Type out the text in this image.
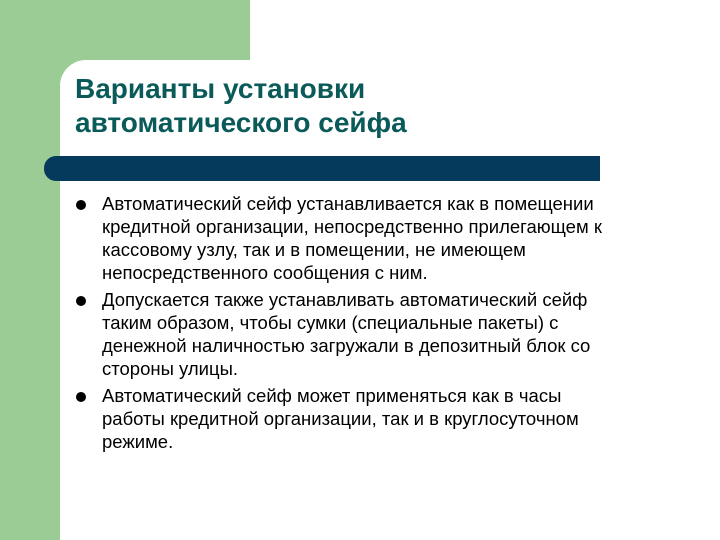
Варианты установки
автоматического сейфа
Автоматический сейф устанавливается как в помещении
кредитной организации, непосредственно прилегающем к
кассовому узлу, так и в помещении, не имеющем
непосредственного сообщения с ним.
Допускается также устанавливать автоматический сейф
таким образом, чтобы сумки (специальные пакеты) с
денежной наличностью загружали в депозитный блок со
стороны улицы.
Автоматический сейф может применяться как в часы
работы кредитной организации, так и в круглосуточном
режиме.
